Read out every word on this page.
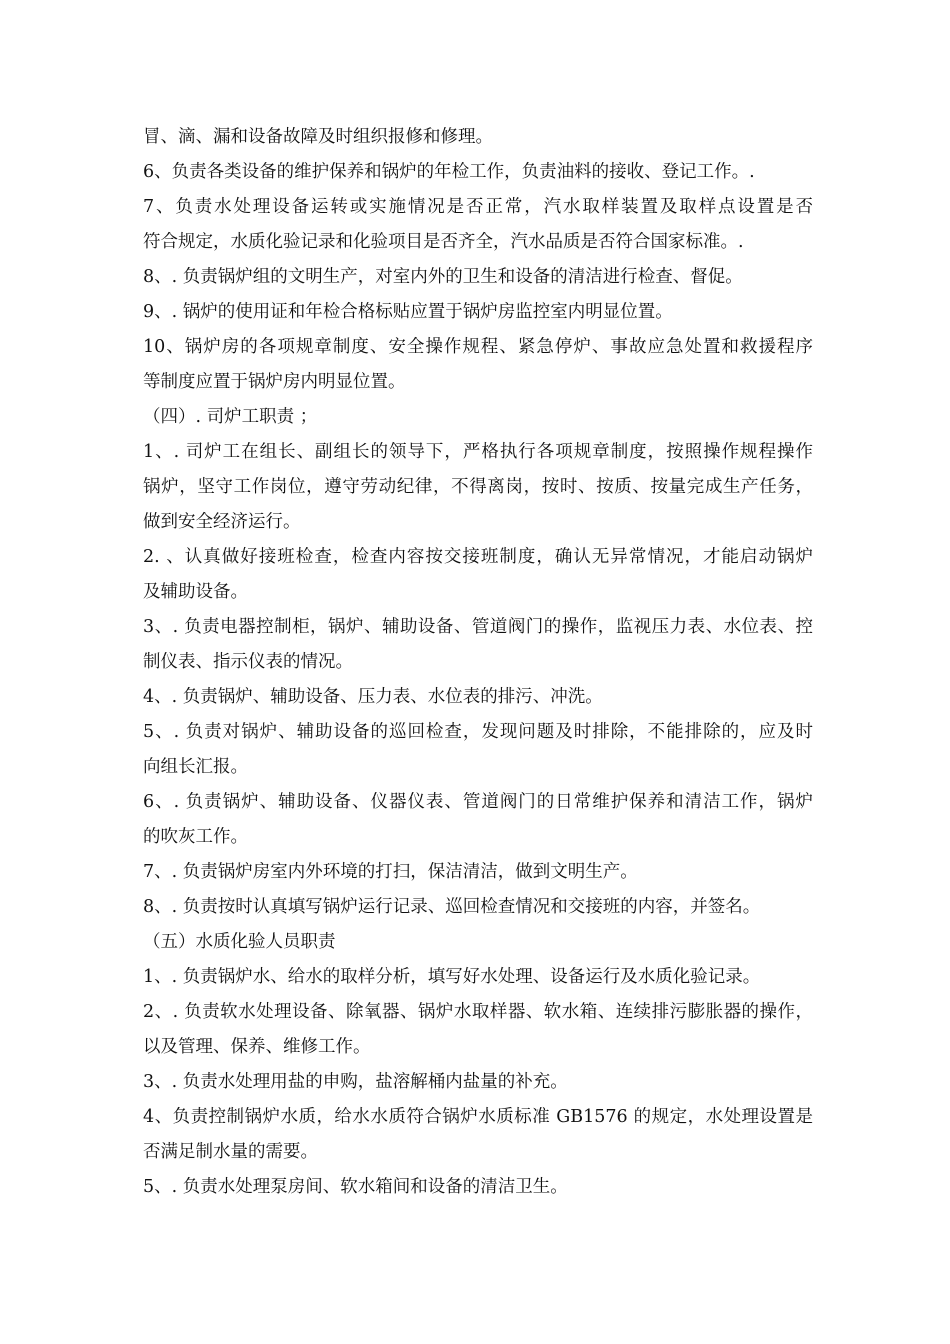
冒、滴、漏和设备故障及时组织报修和修理。
6、负责各类设备的维护保养和锅炉的年检工作，负责油料的接收、登记工作。.
7、负责水处理设备运转或实施情况是否正常，汽水取样装置及取样点设置是否
符合规定，水质化验记录和化验项目是否齐全，汽水品质是否符合国家标准。.
8、. 负责锅炉组的文明生产，对室内外的卫生和设备的清洁进行检查、督促。
9、. 锅炉的使用证和年检合格标贴应置于锅炉房监控室内明显位置。
10、锅炉房的各项规章制度、安全操作规程、紧急停炉、事故应急处置和救援程序
等制度应置于锅炉房内明显位置。
（四）. 司炉工职责 ；
1、. 司炉工在组长、副组长的领导下，严格执行各项规章制度，按照操作规程操作
锅炉，坚守工作岗位，遵守劳动纪律，不得离岗，按时、按质、按量完成生产任务，
做到安全经济运行。
2. 、认真做好接班检查，检查内容按交接班制度，确认无异常情况，才能启动锅炉
及辅助设备。
3、. 负责电器控制柜，锅炉、辅助设备、管道阀门的操作，监视压力表、水位表、控
制仪表、指示仪表的情况。
4、. 负责锅炉、辅助设备、压力表、水位表的排污、冲洗。
5、. 负责对锅炉、辅助设备的巡回检查，发现问题及时排除，不能排除的，应及时
向组长汇报。
6、. 负责锅炉、辅助设备、仪器仪表、管道阀门的日常维护保养和清洁工作，锅炉
的吹灰工作。
7、. 负责锅炉房室内外环境的打扫，保洁清洁，做到文明生产。
8、. 负责按时认真填写锅炉运行记录、巡回检查情况和交接班的内容，并签名。
（五）水质化验人员职责
1、. 负责锅炉水、给水的取样分析，填写好水处理、设备运行及水质化验记录。
2、. 负责软水处理设备、除氧器、锅炉水取样器、软水箱、连续排污膨胀器的操作，
以及管理、保养、维修工作。
3、. 负责水处理用盐的申购，盐溶解桶内盐量的补充。
4、负责控制锅炉水质，给水水质符合锅炉水质标准 GB1576 的规定，水处理设置是
否满足制水量的需要。
5、. 负责水处理泵房间、软水箱间和设备的清洁卫生。
